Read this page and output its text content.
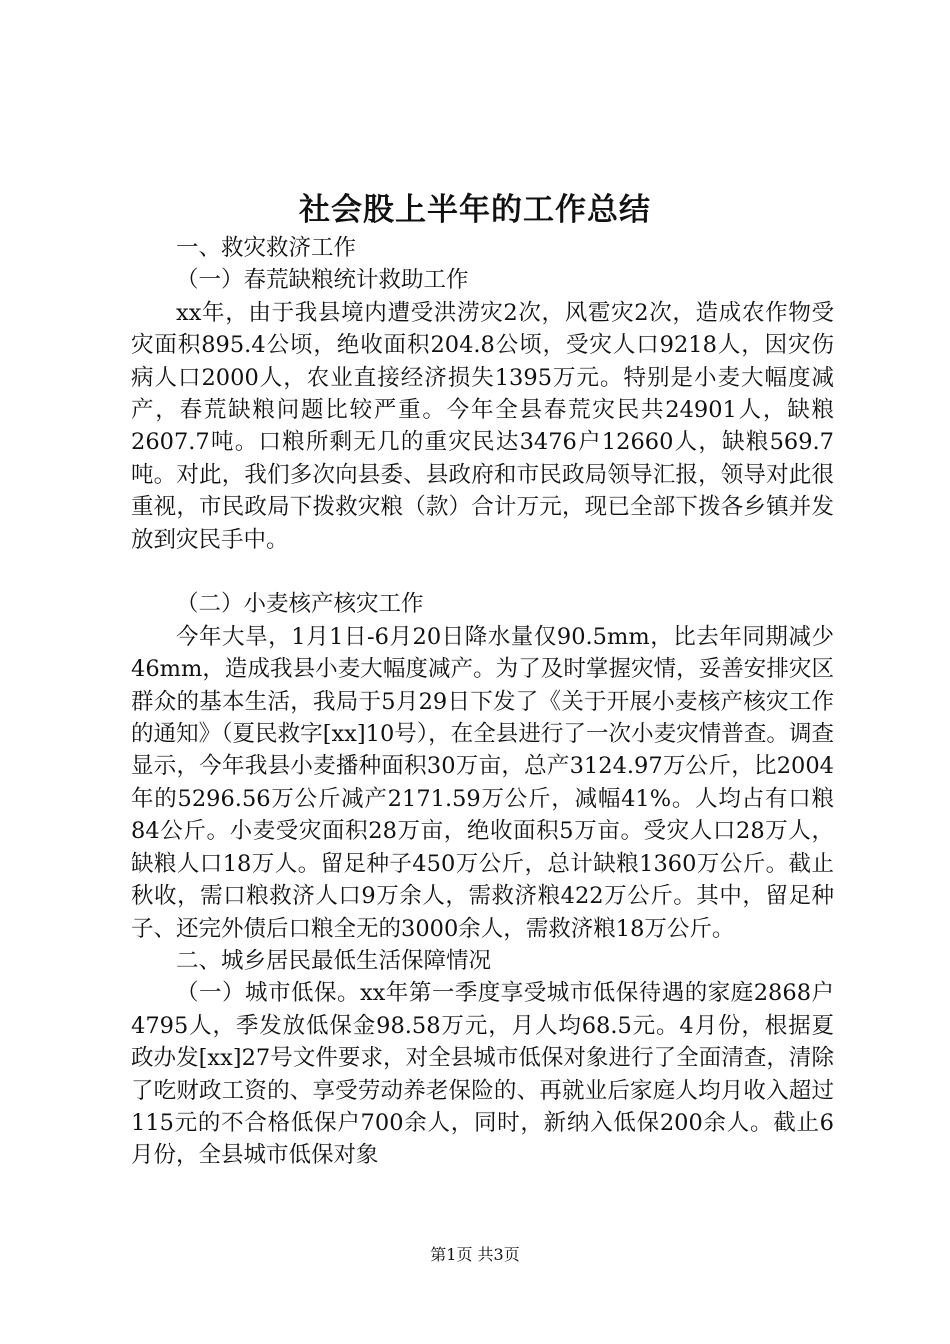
社会股上半年的工作总结

一、救灾救济工作

（一）春荒缺粮统计救助工作

xx年，由于我县境内遭受洪涝灾2次，风雹灾2次，造成农作物受灾面积895.4公顷，绝收面积204.8公顷，受灾人口9218人，因灾伤病人口2000人，农业直接经济损失1395万元。特别是小麦大幅度减产，春荒缺粮问题比较严重。今年全县春荒灾民共24901人，缺粮2607.7吨。口粮所剩无几的重灾民达3476户12660人，缺粮569.7吨。对此，我们多次向县委、县政府和市民政局领导汇报，领导对此很重视，市民政局下拨救灾粮（款）合计万元，现已全部下拨各乡镇并发放到灾民手中。

（二）小麦核产核灾工作

今年大旱，1月1日-6月20日降水量仅90.5mm，比去年同期减少46mm，造成我县小麦大幅度减产。为了及时掌握灾情，妥善安排灾区群众的基本生活，我局于5月29日下发了《关于开展小麦核产核灾工作的通知》（夏民救字[xx]10号），在全县进行了一次小麦灾情普查。调查显示，今年我县小麦播种面积30万亩，总产3124.97万公斤，比2004年的5296.56万公斤减产2171.59万公斤，减幅41%。人均占有口粮84公斤。小麦受灾面积28万亩，绝收面积5万亩。受灾人口28万人，缺粮人口18万人。留足种子450万公斤，总计缺粮1360万公斤。截止秋收，需口粮救济人口9万余人，需救济粮422万公斤。其中，留足种子、还完外债后口粮全无的3000余人，需救济粮18万公斤。

二、城乡居民最低生活保障情况

（一）城市低保。xx年第一季度享受城市低保待遇的家庭2868户4795人，季发放低保金98.58万元，月人均68.5元。4月份，根据夏政办发[xx]27号文件要求，对全县城市低保对象进行了全面清查，清除了吃财政工资的、享受劳动养老保险的、再就业后家庭人均月收入超过115元的不合格低保户700余人，同时，新纳入低保200余人。截止6月份，全县城市低保对象

第1页 共3页
